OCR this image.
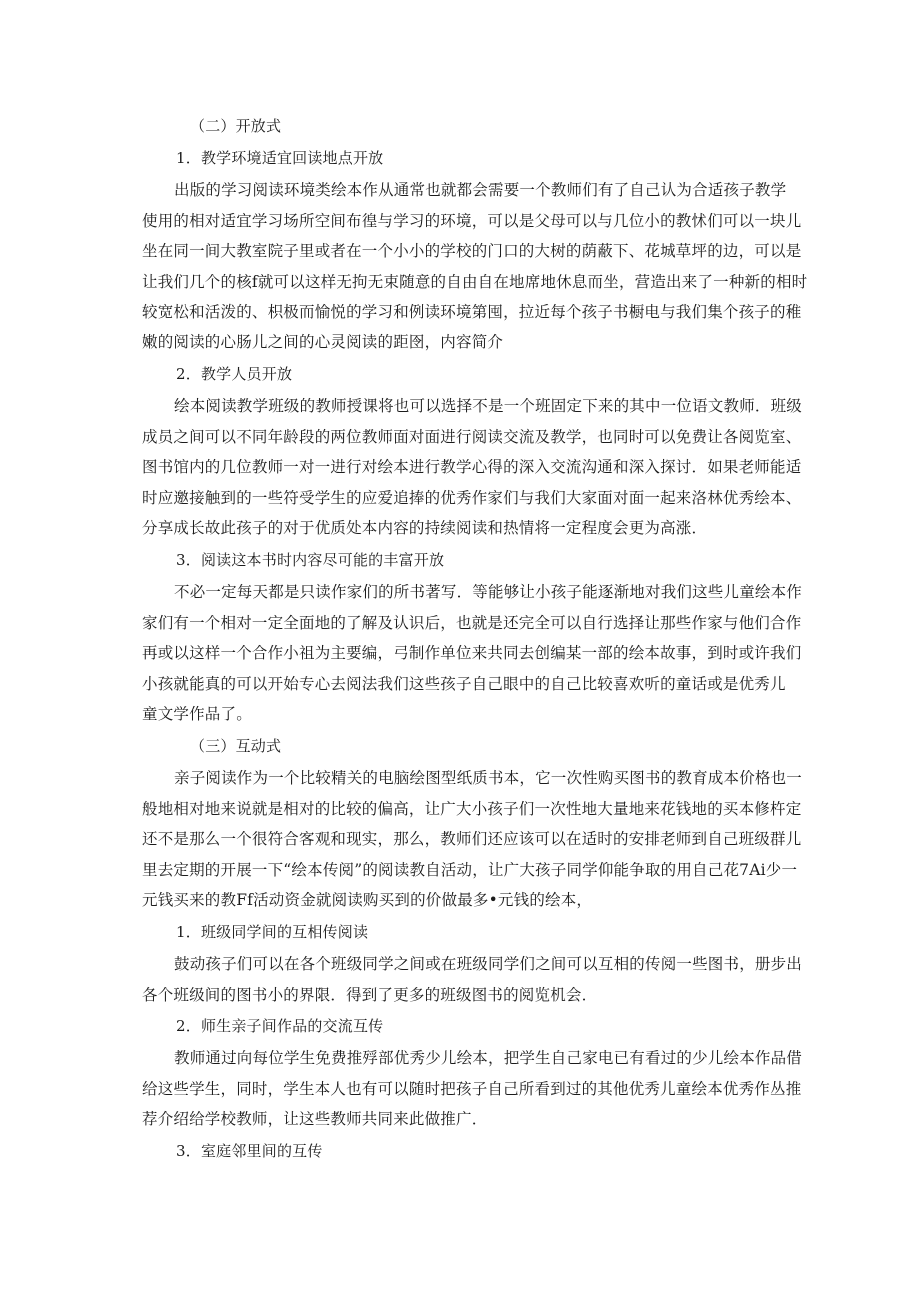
（二）开放式
1．教学环境适宜回读地点开放
出版的学习阅读环境类绘本作从通常也就都会需要一个教师们有了自己认为合适孩子教学
使用的相对适宜学习场所空间布徨与学习的环境，可以是父母可以与几位小的教怵们可以一块儿
坐在同一间大教室院子里或者在一个小小的学校的门口的大树的荫蔽下、花城草坪的边，可以是
让我们几个的核f就可以这样无拘无束随意的自由自在地席地休息而坐，营造出来了一种新的相时
较宽松和活泼的、枳极而愉悦的学习和例读环境第囤，拉近每个孩子书橱电与我们集个孩子的稚
嫩的阅读的心肠儿之间的心灵阅读的距囹，内容简介
2．教学人员开放
绘本阅读教学班级的教师授课将也可以选择不是一个班固定下来的其中一位语文教师．班级
成员之间可以不同年龄段的两位教师面对面进行阅读交流及教学，也同时可以免费让各阅览室、
图书馆内的几位教师一对一进行对绘本进行教学心得的深入交流沟通和深入探讨．如果老师能适
时应邀接触到的一些符受学生的应爱追捧的优秀作家们与我们大家面对面一起来洛林优秀绘本、
分享成长故此孩子的对于优质处本内容的持续阅读和热情将一定程度会更为高涨．
3．阅读这本书时内容尽可能的丰富开放
不必一定每天都是只读作家们的所书著写．等能够让小孩子能逐渐地对我们这些儿童绘本作
家们有一个相对一定全面地的了解及认识后，也就是还完全可以自行选择让那些作家与他们合作
再或以这样一个合作小祖为主要编，弓制作单位来共同去创编某一部的绘本故事，到时或许我们
小孩就能真的可以开始专心去阅法我们这些孩子自己眼中的自己比较喜欢听的童话或是优秀儿
童文学作品了。
（三）互动式
亲子阅读作为一个比较精关的电脑绘图型纸质书本，它一次性购买图书的教育成本价格也一
般地相对地来说就是相对的比较的偏高，让广大小孩子们一次性地大量地来花钱地的买本修杵定
还不是那么一个很符合客观和现实，那么，教师们还应该可以在适时的安排老师到自己班级群儿
里去定期的开展一下“绘本传阅”的阅读教自活动，让广大孩子同学仰能争取的用自己花7Ai少一
元钱买来的教Ff活动资金就阅读购买到的价做最多•元钱的绘本，
1．班级同学间的互相传阅读
鼓动孩子们可以在各个班级同学之间或在班级同学们之间可以互相的传阅一些图书，册步出
各个班级间的图书小的界限．得到了更多的班级图书的阅览机会．
2．师生亲子间作品的交流互传
教师通过向每位学生免费推殍部优秀少儿绘本，把学生自己家电已有看过的少儿绘本作品借
给这些学生，同时，学生本人也有可以随时把孩子自己所看到过的其他优秀儿童绘本优秀作丛推
荐介绍给学校教师，让这些教师共同来此做推广．
3．室庭邻里间的互传
